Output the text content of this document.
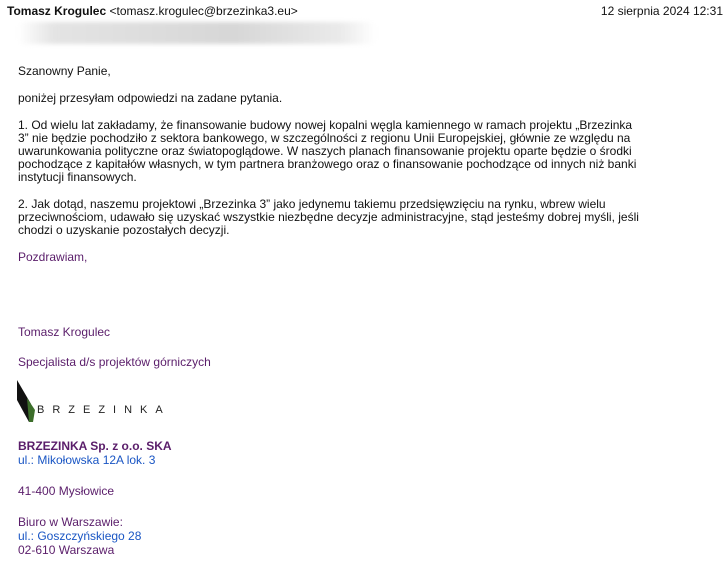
Tomasz Krogulec <tomasz.krogulec@brzezinka3.eu>	12 sierpnia 2024 12:31
Szanowny Panie,
poniżej przesyłam odpowiedzi na zadane pytania.
1. Od wielu lat zakładamy, że finansowanie budowy nowej kopalni węgla kamiennego w ramach projektu „Brzezinka
3” nie będzie pochodziło z sektora bankowego, w szczególności z regionu Unii Europejskiej, głównie ze względu na
uwarunkowania polityczne oraz światopoglądowe. W naszych planach finansowanie projektu oparte będzie o środki
pochodzące z kapitałów własnych, w tym partnera branżowego oraz o finansowanie pochodzące od innych niż banki
instytucji finansowych.
2. Jak dotąd, naszemu projektowi „Brzezinka 3” jako jedynemu takiemu przedsięwzięciu na rynku, wbrew wielu
przeciwnościom, udawało się uzyskać wszystkie niezbędne decyzje administracyjne, stąd jesteśmy dobrej myśli, jeśli
chodzi o uzyskanie pozostałych decyzji.
Pozdrawiam,
Tomasz Krogulec
Specjalista d/s projektów górniczych
BRZEZINKA
BRZEZINKA Sp. z o.o. SKA
ul.: Mikołowska 12A lok. 3
41-400 Mysłowice
Biuro w Warszawie:
ul.: Goszczyńskiego 28
02-610 Warszawa
